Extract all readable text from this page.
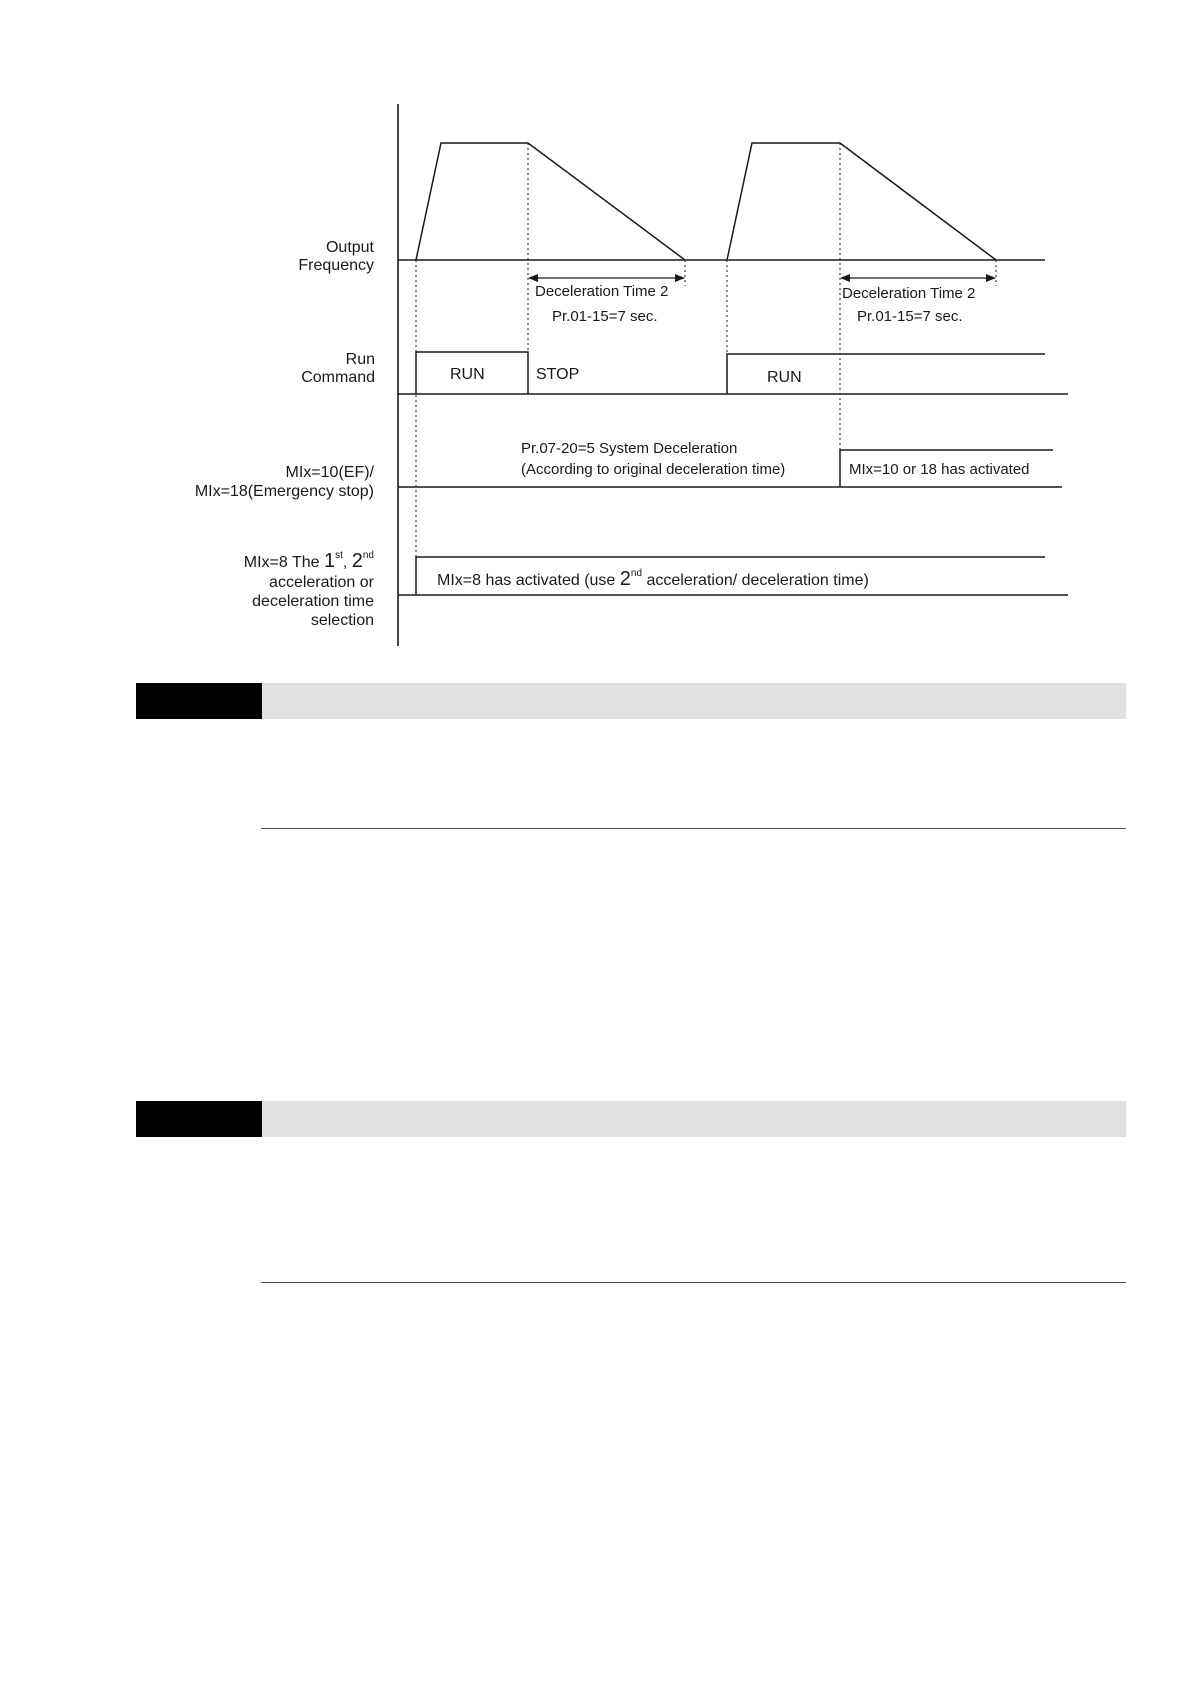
Output
Frequency
Run
Command
MIx=10(EF)/
MIx=18(Emergency stop)
MIx=8 The 1st, 2nd
acceleration or
deceleration time
selection
Deceleration Time 2
Pr.01-15=7 sec.
Deceleration Time 2
Pr.01-15=7 sec.
RUN	STOP	RUN
Pr.07-20=5 System Deceleration
(According to original deceleration time)	MIx=10 or 18 has activated
MIx=8 has activated (use 2nd acceleration/ deceleration time)
